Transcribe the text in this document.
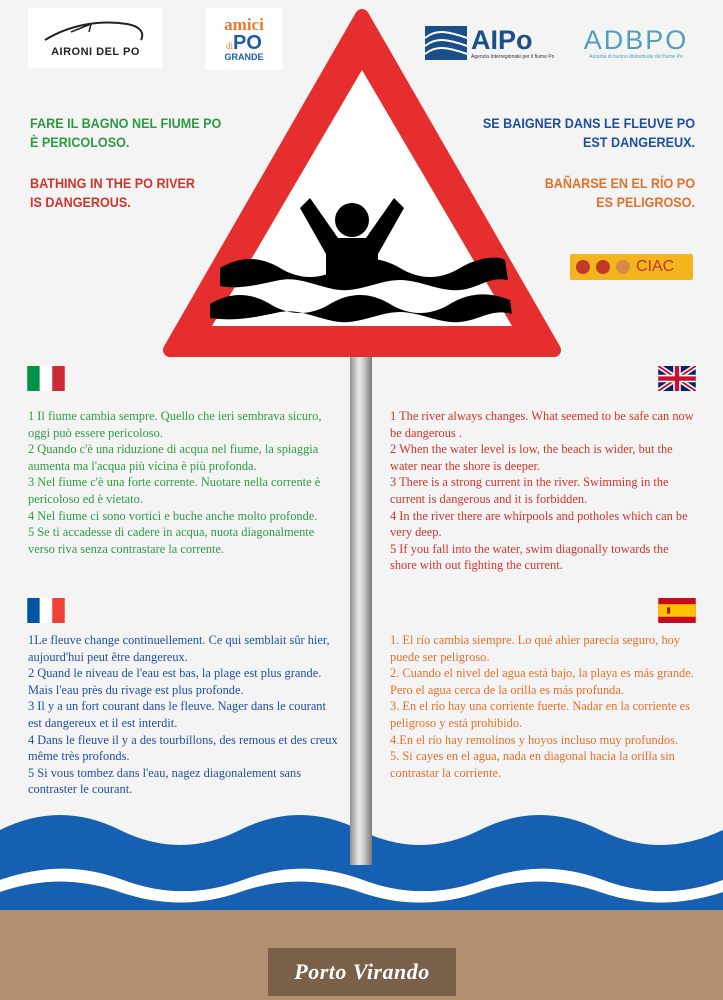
AIRONI DEL PO
amici
di PO
GRANDE
AIPo
Agenzia Interregionale per il fiume Po
ADBPO
Autorità di bacino distrettuale del fiume Po
CIAC
FARE IL BAGNO NEL FIUME PO
È PERICOLOSO.
SE BAIGNER DANS LE FLEUVE PO
EST DANGEREUX.
BATHING IN THE PO RIVER
IS DANGEROUS.
BAÑARSE EN EL RÍO PO
ES PELIGROSO.

1 Il fiume cambia sempre. Quello che ieri sembrava sicuro, oggi può essere pericoloso.

2 Quando c'è una riduzione di acqua nel fiume, la spiaggia aumenta ma l'acqua più vicina è più profonda.

3 Nel fiume c'è una forte corrente. Nuotare nella corrente è pericoloso ed è vietato.

4 Nel fiume ci sono vortici e buche anche molto profonde.

5 Se ti accadesse di cadere in acqua, nuota diagonalmente verso riva senza contrastare la corrente.

1 The river always changes. What seemed to be safe can now be dangerous .

2 When the water level is low, the beach is wider, but the water near the shore is deeper.

3 There is a strong current in the river. Swimming in the current is dangerous and it is forbidden.

4 In the river there are whirpools and potholes which can be very deep.

5 If you fall into the water, swim diagonally towards the shore with out fighting the current.

1Le fleuve change continuellement. Ce qui semblait sûr hier, aujourd'hui peut être dangereux.

2 Quand le niveau de l'eau est bas, la plage est plus grande. Mais l'eau près du rivage est plus profonde.

3 Il y a un fort courant dans le fleuve. Nager dans le courant est dangereux et il est interdit.

4 Dans le fleuve il y a des tourbillons, des remous et des creux même très profonds.

5 Si vous tombez dans l'eau, nagez diagonalement sans contraster le courant.

1. El río cambia siempre. Lo qué ahier parecía seguro, hoy puede ser peligroso.

2. Cuando el nivel del agua está bajo, la playa es más grande. Pero el agua cerca de la orilla es más profunda.

3. En el río hay una corriente fuerte. Nadar en la corriente es peligroso y está prohibido.

4.En el río hay remolinos y hoyos incluso muy profundos.

5. Si cayes en el agua, nada en diagonal hacia la orilla sin contrastar la corriente.

Porto Virando
